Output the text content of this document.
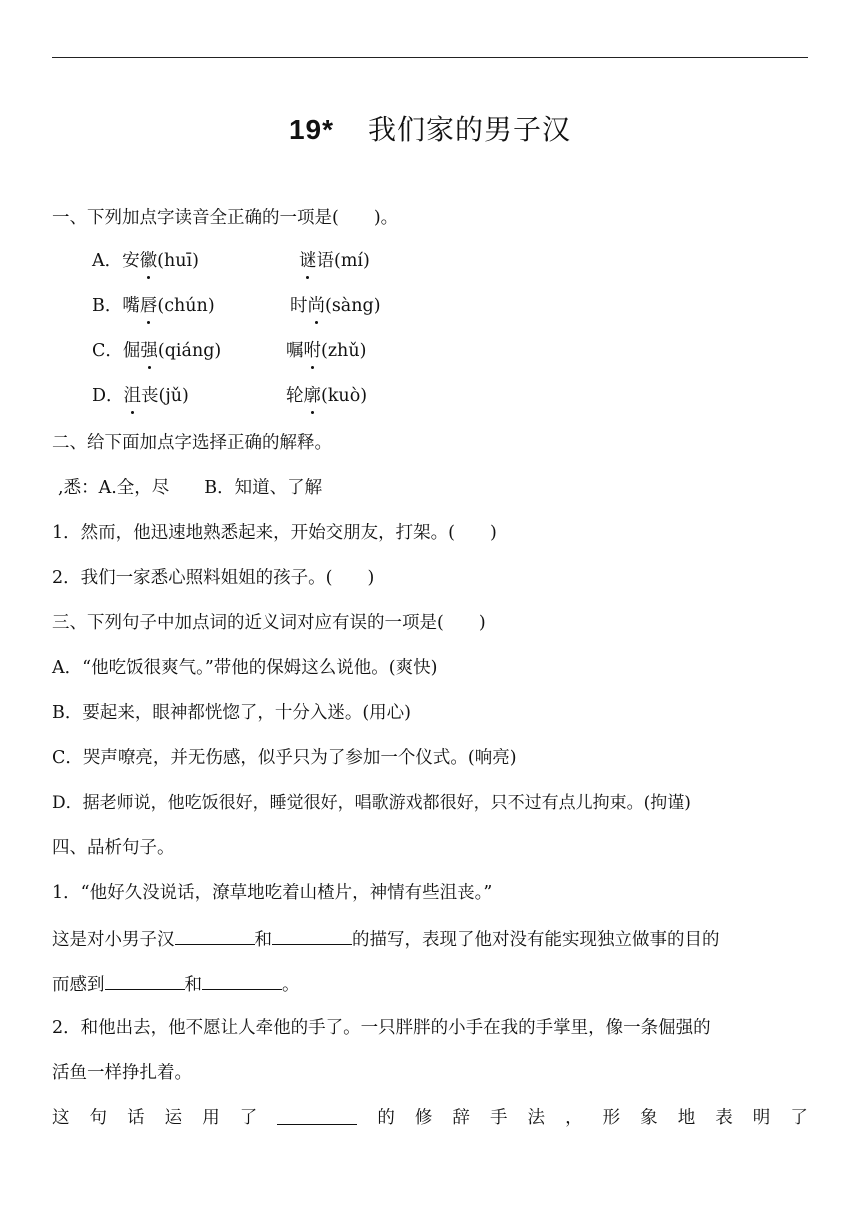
19* 我们家的男子汉
一、下列加点字读音全正确的一项是(　　)。
A．安徽(huī)	谜语(mí)
B．嘴唇(chún)	时尚(sàng)
C．倔强(qiáng)	嘱咐(zhǔ)
D．沮丧(jǔ)	轮廓(kuò)
二、给下面加点字选择正确的解释。
,悉：A.全，尽　　B．知道、了解
1．然而，他迅速地熟悉起来，开始交朋友，打架。(　　)
2．我们一家悉心照料姐姐的孩子。(　　)
三、下列句子中加点词的近义词对应有误的一项是(　　)
A．“他吃饭很爽气。”带他的保姆这么说他。(爽快)
B．要起来，眼神都恍惚了，十分入迷。(用心)
C．哭声嘹亮，并无伤感，似乎只为了参加一个仪式。(响亮)
D．据老师说，他吃饭很好，睡觉很好，唱歌游戏都很好，只不过有点儿拘束。(拘谨)
四、品析句子。
1．“他好久没说话，潦草地吃着山楂片，神情有些沮丧。”
这是对小男子汉	和	的描写，表现了他对没有能实现独立做事的目的
而感到	和	。
2．和他出去，他不愿让人牵他的手了。一只胖胖的小手在我的手掌里，像一条倔强的
活鱼一样挣扎着。
这 句 话 运 用 了	的 修 辞 手 法 ， 形 象 地 表 明 了
